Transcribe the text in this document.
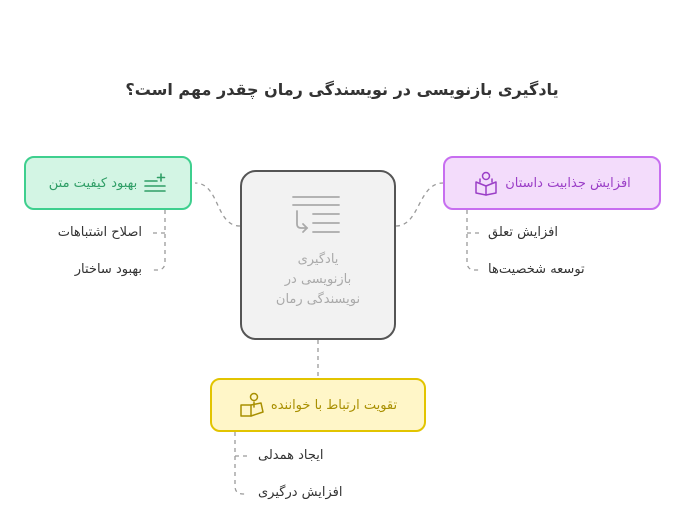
یادگیری بازنویسی در نویسندگی رمان چقدر مهم است؟
یادگیری
بازنویسی در
نویسندگی رمان
بهبود کیفیت متن
اصلاح اشتباهات
بهبود ساختار
افزایش جذابیت داستان
افزایش تعلق
توسعه شخصیت‌ها
تقویت ارتباط با خواننده
ایجاد همدلی
افزایش درگیری
